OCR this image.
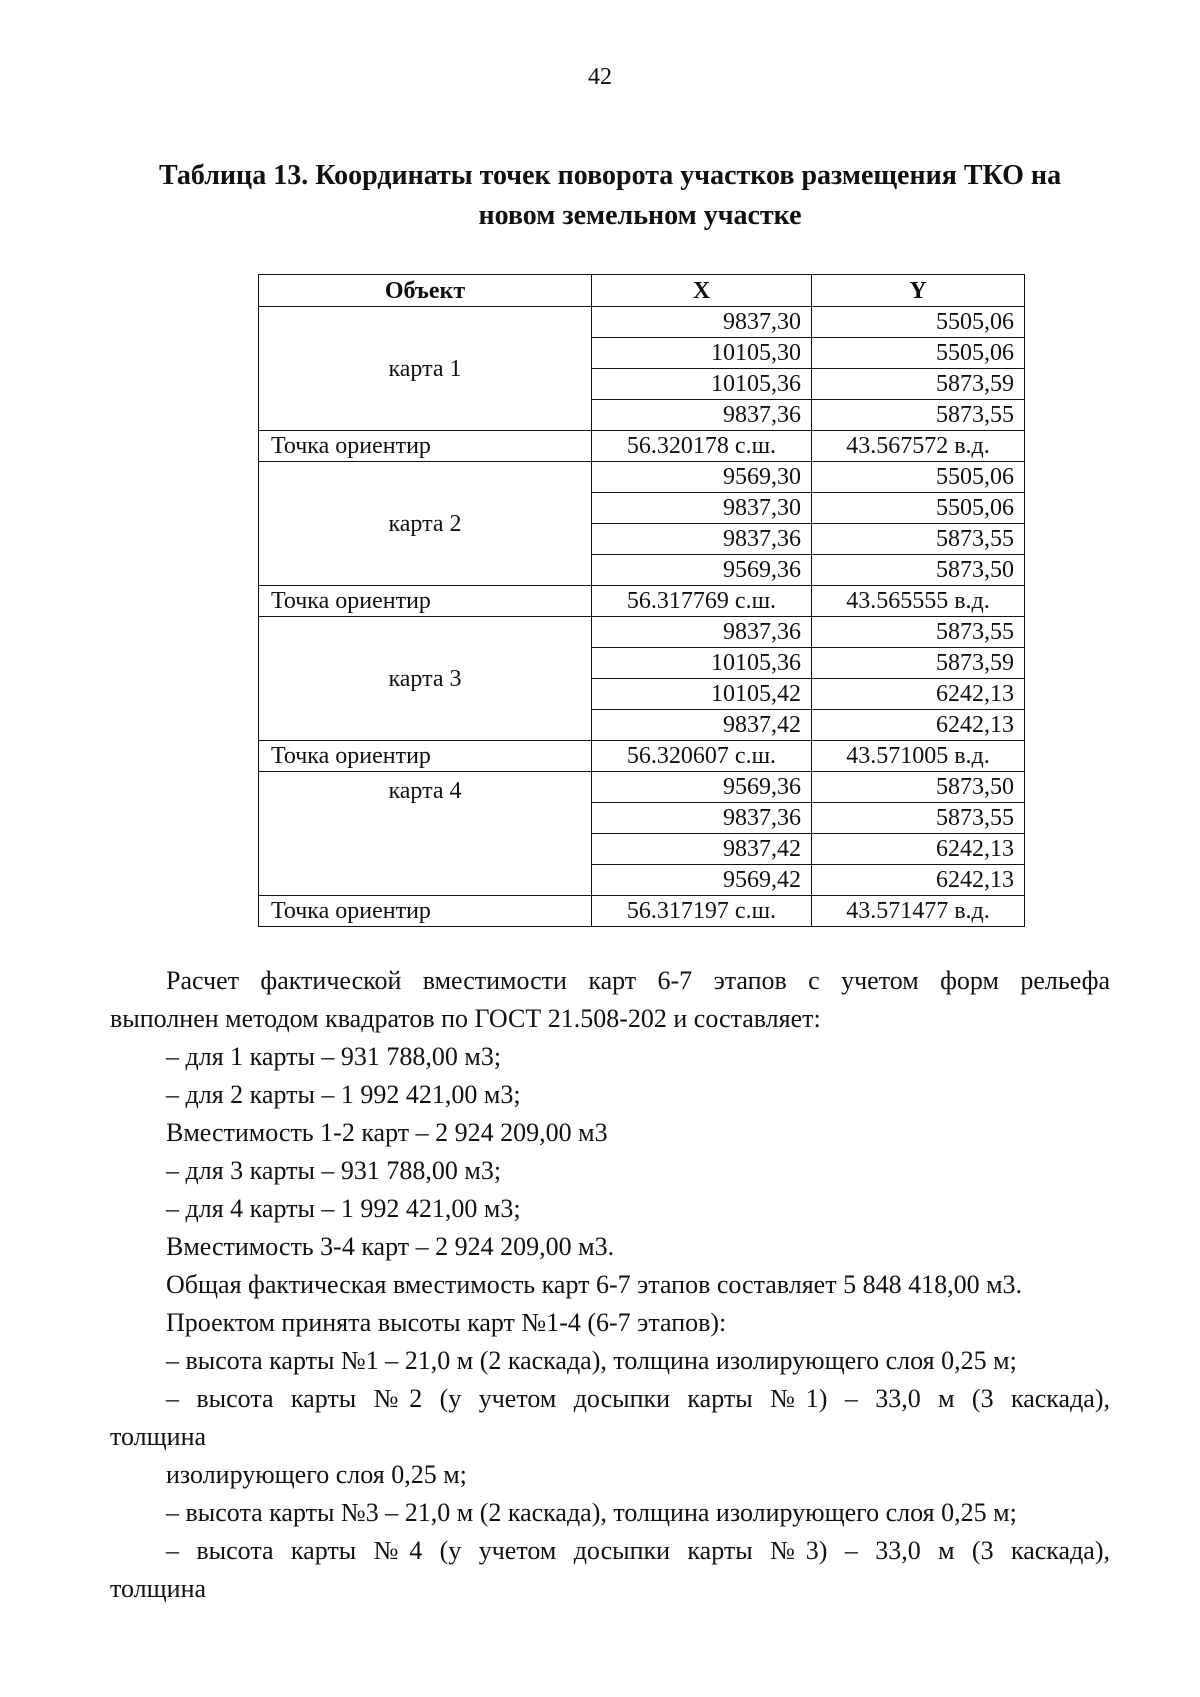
42
Таблица 13. Координаты точек поворота участков размещения ТКО на
новом земельном участке
Объект	X	Y
карта 1	9837,30	5505,06
	10105,30	5505,06
	10105,36	5873,59
	9837,36	5873,55
Точка ориентир	56.320178 с.ш.	43.567572 в.д.
карта 2	9569,30	5505,06
	9837,30	5505,06
	9837,36	5873,55
	9569,36	5873,50
Точка ориентир	56.317769 с.ш.	43.565555 в.д.
карта 3	9837,36	5873,55
	10105,36	5873,59
	10105,42	6242,13
	9837,42	6242,13
Точка ориентир	56.320607 с.ш.	43.571005 в.д.
карта 4	9569,36	5873,50
	9837,36	5873,55
	9837,42	6242,13
	9569,42	6242,13
Точка ориентир	56.317197 с.ш.	43.571477 в.д.

Расчет фактической вместимости карт 6-7 этапов с учетом форм рельефа

выполнен методом квадратов по ГОСТ 21.508-202 и составляет:

– для 1 карты – 931 788,00 м3;

– для 2 карты – 1 992 421,00 м3;

Вместимость 1-2 карт – 2 924 209,00 м3

– для 3 карты – 931 788,00 м3;

– для 4 карты – 1 992 421,00 м3;

Вместимость 3-4 карт – 2 924 209,00 м3.

Общая фактическая вместимость карт 6-7 этапов составляет 5 848 418,00 м3.

Проектом принята высоты карт №1-4 (6-7 этапов):

– высота карты №1 – 21,0 м (2 каскада), толщина изолирующего слоя 0,25 м;

– высота карты №2 (у учетом досыпки карты №1) – 33,0 м (3 каскада),

толщина

изолирующего слоя 0,25 м;

– высота карты №3 – 21,0 м (2 каскада), толщина изолирующего слоя 0,25 м;

– высота карты №4 (у учетом досыпки карты №3) – 33,0 м (3 каскада),

толщина
